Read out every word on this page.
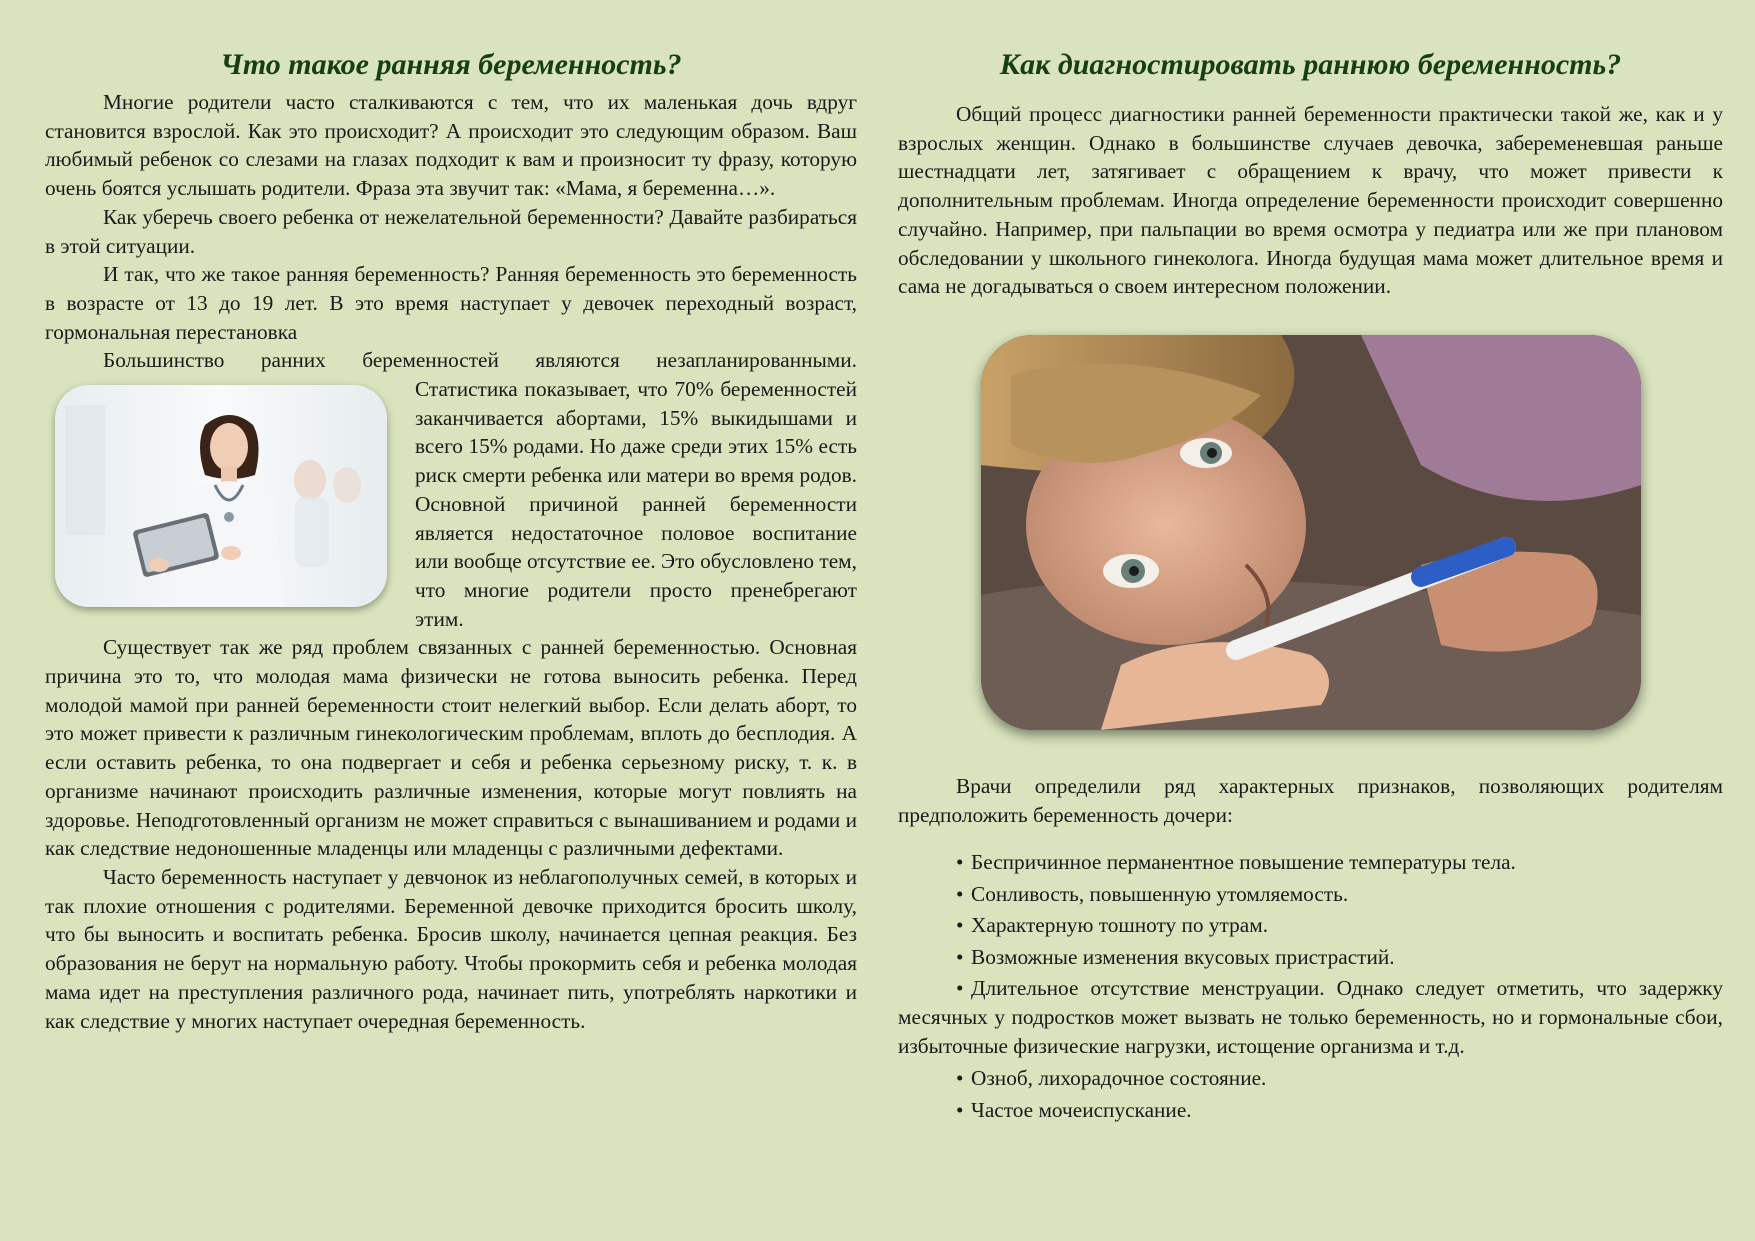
Что такое ранняя беременность?

Многие родители часто сталкиваются с тем, что их маленькая дочь вдруг становится взрослой. Как это происходит? А происходит это следующим образом. Ваш любимый ребенок со слезами на глазах подходит к вам и произносит ту фразу, которую очень боятся услышать родители. Фраза эта звучит так: «Мама, я беременна…».

Как уберечь своего ребенка от нежелательной беременности? Давайте разбираться в этой ситуации.

И так, что же такое ранняя беременность? Ранняя беременность это беременность в возрасте от 13 до 19 лет. В это время наступает у девочек переходный возраст, гормональная перестановка

Большинство ранних беременностей являются незапланированными.

Статистика показывает, что 70% беременностей заканчивается абортами, 15% выкидышами и всего 15% родами. Но даже среди этих 15% есть риск смерти ребенка или матери во время родов. Основной причиной ранней беременности является недостаточное половое воспитание или вообще отсутствие ее. Это обусловлено тем, что многие родители просто пренебрегают этим.

Существует так же ряд проблем связанных с ранней беременностью. Основная причина это то, что молодая мама физически не готова выносить ребенка. Перед молодой мамой при ранней беременности стоит нелегкий выбор. Если делать аборт, то это может привести к различным гинекологическим проблемам, вплоть до бесплодия. А если оставить ребенка, то она подвергает и себя и ребенка серьезному риску, т. к. в организме начинают происходить различные изменения, которые могут повлиять на здоровье. Неподготовленный организм не может справиться с вынашиванием и родами и как следствие недоношенные младенцы или младенцы с различными дефектами.

Часто беременность наступает у девчонок из неблагополучных семей, в которых и так плохие отношения с родителями. Беременной девочке приходится бросить школу, что бы выносить и воспитать ребенка. Бросив школу, начинается цепная реакция. Без образования не берут на нормальную работу. Чтобы прокормить себя и ребенка молодая мама идет на преступления различного рода, начинает пить, употреблять наркотики и как следствие у многих наступает очередная беременность.

Как диагностировать раннюю беременность?

Общий процесс диагностики ранней беременности практически такой же, как и у взрослых женщин. Однако в большинстве случаев девочка, забеременевшая раньше шестнадцати лет, затягивает с обращением к врачу, что может привести к дополнительным проблемам. Иногда определение беременности происходит совершенно случайно. Например, при пальпации во время осмотра у педиатра или же при плановом обследовании у школьного гинеколога. Иногда будущая мама может длительное время и сама не догадываться о своем интересном положении.

Врачи определили ряд характерных признаков, позволяющих родителям предположить беременность дочери:

• Беспричинное перманентное повышение температуры тела.
• Сонливость, повышенную утомляемость.
• Характерную тошноту по утрам.
• Возможные изменения вкусовых пристрастий.
• Длительное отсутствие менструации. Однако следует отметить, что задержку месячных у подростков может вызвать не только беременность, но и гормональные сбои, избыточные физические нагрузки, истощение организма и т.д.
• Озноб, лихорадочное состояние.
• Частое мочеиспускание.
